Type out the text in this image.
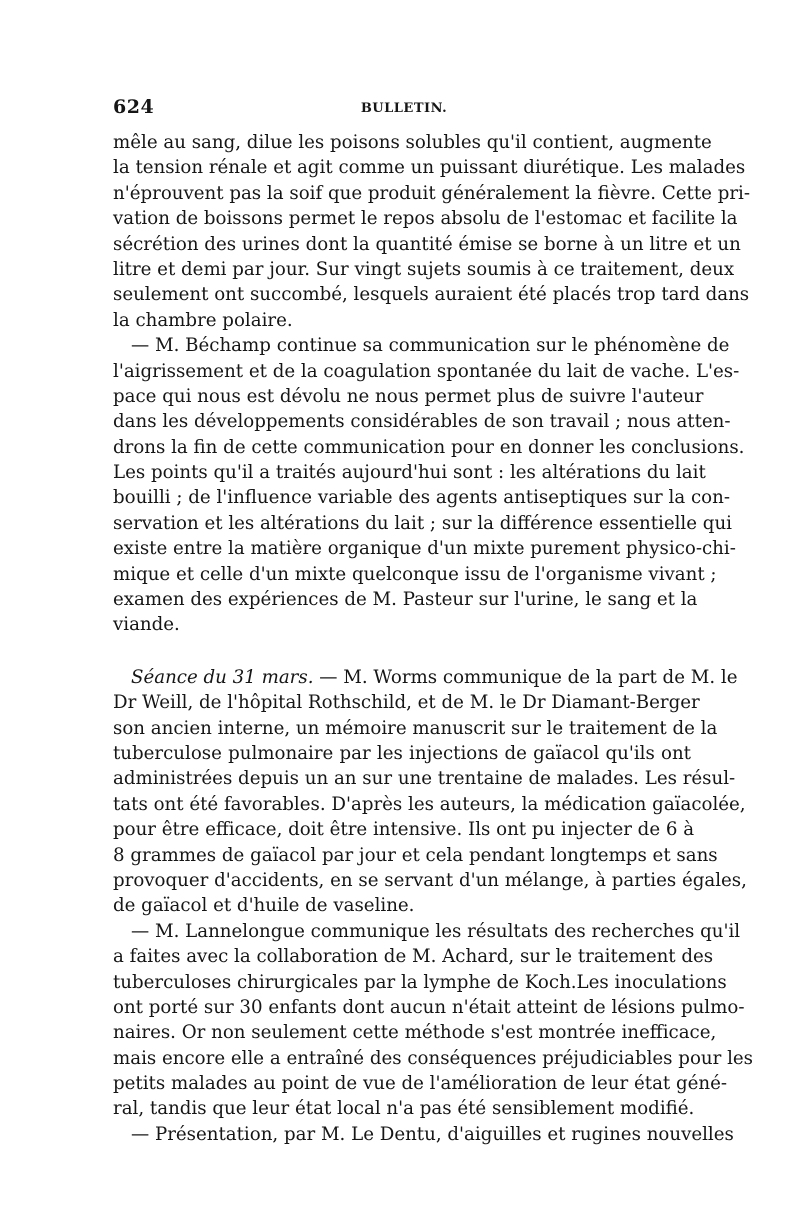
624	BULLETIN.
mêle au sang, dilue les poisons solubles qu'il contient, augmente
la tension rénale et agit comme un puissant diurétique. Les malades
n'éprouvent pas la soif que produit généralement la fièvre. Cette pri-
vation de boissons permet le repos absolu de l'estomac et facilite la
sécrétion des urines dont la quantité émise se borne à un litre et un
litre et demi par jour. Sur vingt sujets soumis à ce traitement, deux
seulement ont succombé, lesquels auraient été placés trop tard dans
la chambre polaire.
— M. Béchamp continue sa communication sur le phénomène de
l'aigrissement et de la coagulation spontanée du lait de vache. L'es-
pace qui nous est dévolu ne nous permet plus de suivre l'auteur
dans les développements considérables de son travail ; nous atten-
drons la fin de cette communication pour en donner les conclusions.
Les points qu'il a traités aujourd'hui sont : les altérations du lait
bouilli ; de l'influence variable des agents antiseptiques sur la con-
servation et les altérations du lait ; sur la différence essentielle qui
existe entre la matière organique d'un mixte purement physico-chi-
mique et celle d'un mixte quelconque issu de l'organisme vivant ;
examen des expériences de M. Pasteur sur l'urine, le sang et la
viande.
Séance du 31 mars. — M. Worms communique de la part de M. le
Dr Weill, de l'hôpital Rothschild, et de M. le Dr Diamant-Berger
son ancien interne, un mémoire manuscrit sur le traitement de la
tuberculose pulmonaire par les injections de gaïacol qu'ils ont
administrées depuis un an sur une trentaine de malades. Les résul-
tats ont été favorables. D'après les auteurs, la médication gaïacolée,
pour être efficace, doit être intensive. Ils ont pu injecter de 6 à
8 grammes de gaïacol par jour et cela pendant longtemps et sans
provoquer d'accidents, en se servant d'un mélange, à parties égales,
de gaïacol et d'huile de vaseline.
— M. Lannelongue communique les résultats des recherches qu'il
a faites avec la collaboration de M. Achard, sur le traitement des
tuberculoses chirurgicales par la lymphe de Koch.Les inoculations
ont porté sur 30 enfants dont aucun n'était atteint de lésions pulmo-
naires. Or non seulement cette méthode s'est montrée inefficace,
mais encore elle a entraîné des conséquences préjudiciables pour les
petits malades au point de vue de l'amélioration de leur état géné-
ral, tandis que leur état local n'a pas été sensiblement modifié.
— Présentation, par M. Le Dentu, d'aiguilles et rugines nouvelles
